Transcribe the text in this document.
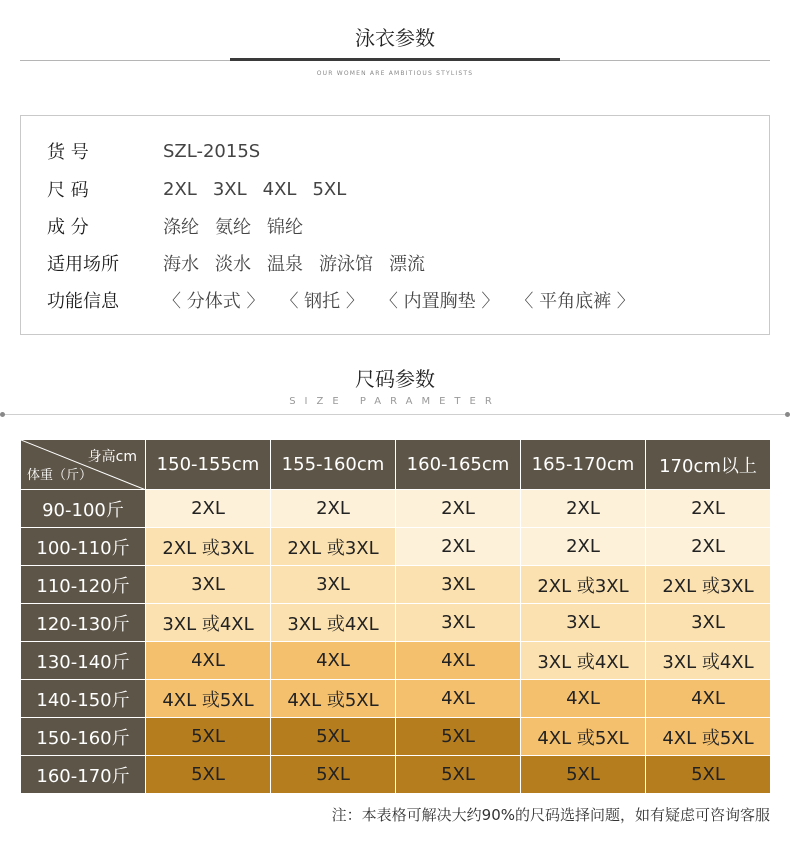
泳衣参数
OUR WOMEN ARE AMBITIOUS STYLISTS
货 号	SZL-2015S
尺 码	2XL 3XL 4XL 5XL
成 分	涤纶 氨纶 锦纶
适用场所	海水 淡水 温泉 游泳馆 漂流
功能信息	〈 分体式 〉 〈 钢托 〉 〈 内置胸垫 〉 〈 平角底裤 〉
尺码参数
SIZE PARAMETER
身高cm
体重（斤）	150-155cm	155-160cm	160-165cm	165-170cm	170cm以上
90-100斤	2XL	2XL	2XL	2XL	2XL
100-110斤	2XL 或3XL	2XL 或3XL	2XL	2XL	2XL
110-120斤	3XL	3XL	3XL	2XL 或3XL	2XL 或3XL
120-130斤	3XL 或4XL	3XL 或4XL	3XL	3XL	3XL
130-140斤	4XL	4XL	4XL	3XL 或4XL	3XL 或4XL
140-150斤	4XL 或5XL	4XL 或5XL	4XL	4XL	4XL
150-160斤	5XL	5XL	5XL	4XL 或5XL	4XL 或5XL
160-170斤	5XL	5XL	5XL	5XL	5XL
注：本表格可解决大约90%的尺码选择问题，如有疑虑可咨询客服
